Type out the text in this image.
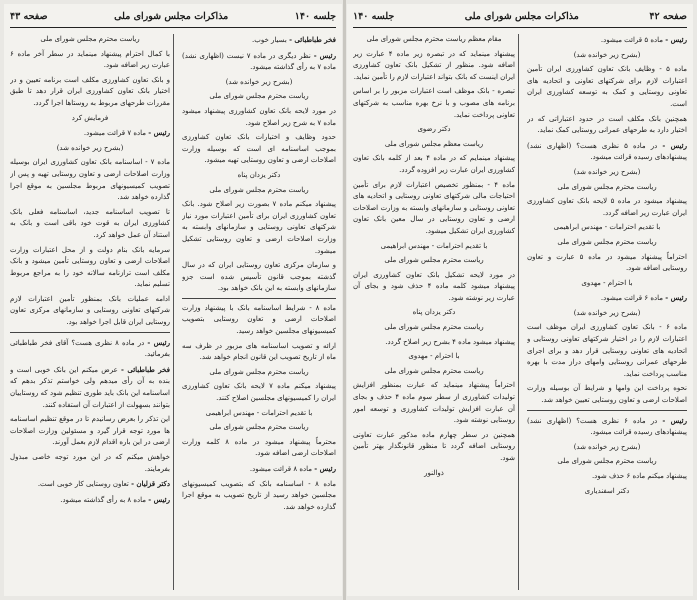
جلسه ۱۴۰
مذاکرات مجلس شورای ملی
صفحه ۴۳
فخر طباطبائی - بسیار خوب.
رئیس - نظر دیگری در ماده ۷ نیست (اظهاری نشد) ماده ۷ به رأی گذاشته میشود.
(بشرح زیر خوانده شد)
ریاست محترم مجلس شورای ملی
در مورد لایحه بانک تعاون کشاورزی پیشنهاد میشود ماده ۷ به شرح زیر اصلاح شود.
حدود وظایف و اختیارات بانک تعاون کشاورزی بموجب اساسنامه ای است که بوسیله وزارت اصلاحات ارضی و تعاون روستایی تهیه میشود.
دکتر یزدان پناه
ریاست محترم مجلس شورای ملی
پیشنهاد میکنم ماده ۷ بصورت زیر اصلاح شود. بانک تعاون کشاورزی ایران برای تأمین اعتبارات مورد نیاز شرکتهای تعاونی روستایی و سازمانهای وابسته به وزارت اصلاحات ارضی و تعاون روستایی تشکیل میشود.
و سازمان مرکزی تعاون روستایی ایران که در سال گذشته بموجب قانون تأسیس شده است جزو سازمانهای وابسته به این بانک خواهد بود.
ماده ۸ - شرایط اساسنامه بانک با پیشنهاد وزارت اصلاحات ارضی و تعاون روستایی بتصویب کمیسیونهای مجلسین خواهد رسید.
ارائه و تصویب اساسنامه های مزبور در ظرف سه ماه از تاریخ تصویب این قانون انجام خواهد شد.
ریاست محترم مجلس شورای ملی
پیشنهاد میکنم ماده ۷ لایحه بانک تعاون کشاورزی ایران را کمیسیونهای مجلسین اصلاح کنند.
با تقدیم احترامات - مهندس ابراهیمی
ریاست محترم مجلس شورای ملی
محترماً پیشنهاد میشود در ماده ۸ کلمه وزارت اصلاحات ارضی اضافه شود.
رئیس - ماده ۸ قرائت میشود.
ماده ۸ - اساسنامه بانک که بتصویب کمیسیونهای مجلسین خواهد رسید از تاریخ تصویب به موقع اجرا گذارده خواهد شد.
ریاست محترم مجلس شورای ملی
با کمال احترام پیشنهاد مینماید در سطر آخر ماده ۶ عبارت زیر اضافه شود.
و بانک تعاون کشاورزی مکلف است برنامه تعیین و در اختیار بانک تعاون کشاورزی ایران قرار دهد تا طبق مقررات طرحهای مربوط به روستاها اجرا گردد.
فرمایش کرد
رئیس - ماده ۷ قرائت میشود.
(بشرح زیر خوانده شد)
ماده ۷ - اساسنامه بانک تعاون کشاورزی ایران بوسیله وزارت اصلاحات ارضی و تعاون روستایی تهیه و پس از تصویب کمیسیونهای مربوط مجلسین به موقع اجرا گذارده خواهد شد.
تا تصویب اساسنامه جدید، اساسنامه فعلی بانک کشاورزی ایران به قوت خود باقی است و بانک به استناد آن عمل خواهد کرد.
سرمایه بانک بنام دولت و از محل اعتبارات وزارت اصلاحات ارضی و تعاون روستایی تأمین میشود و بانک مکلف است ترازنامه سالانه خود را به مراجع مربوط تسلیم نماید.
ادامه عملیات بانک بمنظور تأمین اعتبارات لازم شرکتهای تعاونی روستایی و سازمانهای مرکزی تعاون روستایی ایران قابل اجرا خواهد بود.
رئیس - در ماده ۸ نظری هست؟ آقای فخر طباطبائی بفرمائید.
فخر طباطبائی - عرض میکنم این بانک خوبی است و بنده به آن رأی میدهم ولی خواستم تذکر بدهم که اساسنامه این بانک باید طوری تنظیم شود که روستاییان بتوانند بسهولت از اعتبارات آن استفاده کنند.
این تذکر را بعرض رسانیدم تا در موقع تنظیم اساسنامه ها مورد توجه قرار گیرد و مسئولین وزارت اصلاحات ارضی در این باره اقدام لازم بعمل آورند.
خواهش میکنم که در این مورد توجه خاصی مبذول بفرمایند.
دکتر قزلیان - تعاون روستایی کار خوبی است.
رئیس - ماده ۸ به رأی گذاشته میشود.
صفحه ۴۲
مذاکرات مجلس شورای ملی
جلسه ۱۴۰
رئیس - ماده ۵ قرائت میشود.
(بشرح زیر خوانده شد)
ماده ۵ - وظایف بانک تعاون کشاورزی ایران تأمین اعتبارات لازم برای شرکتهای تعاونی و اتحادیه های تعاونی روستایی و کمک به توسعه کشاورزی ایران است.
همچنین بانک مکلف است در حدود اعتباراتی که در اختیار دارد به طرحهای عمرانی روستایی کمک نماید.
رئیس - در ماده ۵ نظری هست؟ (اظهاری نشد) پیشنهادهای رسیده قرائت میشود.
(بشرح زیر خوانده شد)
ریاست محترم مجلس شورای ملی
پیشنهاد میشود در ماده ۵ لایحه بانک تعاون کشاورزی ایران عبارت زیر اضافه گردد.
با تقدیم احترامات - مهندس ابراهیمی
ریاست محترم مجلس شورای ملی
احتراماً پیشنهاد میشود در ماده ۵ عبارت و تعاون روستایی اضافه شود.
با احترام - مهدوی
رئیس - ماده ۶ قرائت میشود.
(بشرح زیر خوانده شد)
ماده ۶ - بانک تعاون کشاورزی ایران موظف است اعتبارات لازم را در اختیار شرکتهای تعاونی روستایی و اتحادیه های تعاونی روستایی قرار دهد و برای اجرای طرحهای عمرانی روستایی وامهای دراز مدت با بهره مناسب پرداخت نماید.
نحوه پرداخت این وامها و شرایط آن بوسیله وزارت اصلاحات ارضی و تعاون روستایی تعیین خواهد شد.
رئیس - در ماده ۶ نظری هست؟ (اظهاری نشد) پیشنهادهای رسیده قرائت میشود.
(بشرح زیر خوانده شد)
ریاست محترم مجلس شورای ملی
پیشنهاد میکنم ماده ۶ حذف شود.
دکتر اسفندیاری
مقام معظم ریاست محترم مجلس شورای ملی
پیشنهاد مینماید که در تبصره زیر ماده ۴ عبارت زیر اضافه شود. منظور از تشکیل بانک تعاون کشاورزی ایران اینست که بانک بتواند اعتبارات لازم را تأمین نماید.
تبصره - بانک موظف است اعتبارات مزبور را بر اساس برنامه های مصوب و با نرخ بهره مناسب به شرکتهای تعاونی پرداخت نماید.
دکتر رضوی
ریاست معظم مجلس شورای ملی
پیشنهاد مینمایم که در ماده ۴ بعد از کلمه بانک تعاون کشاورزی ایران عبارت زیر افزوده گردد.
ماده ۴ - بمنظور تخصیص اعتبارات لازم برای تأمین احتیاجات مالی شرکتهای تعاونی روستایی و اتحادیه های تعاونی روستایی و سازمانهای وابسته به وزارت اصلاحات ارضی و تعاون روستایی در سال معین بانک تعاون کشاورزی ایران تشکیل میشود.
با تقدیم احترامات - مهندس ابراهیمی
ریاست محترم مجلس شورای ملی
در مورد لایحه تشکیل بانک تعاون کشاورزی ایران پیشنهاد میشود کلمه ماده ۴ حذف شود و بجای آن عبارت زیر نوشته شود.
دکتر یزدان پناه
ریاست محترم مجلس شورای ملی
پیشنهاد میشود ماده ۴ بشرح زیر اصلاح گردد.
با احترام - مهدوی
ریاست محترم مجلس شورای ملی
احتراماً پیشنهاد مینماید که عبارت بمنظور افزایش تولیدات کشاورزی از سطر سوم ماده ۴ حذف و بجای آن عبارت افزایش تولیدات کشاورزی و توسعه امور روستایی نوشته شود.
همچنین در سطر چهارم ماده مذکور عبارت تعاونی روستایی اضافه گردد تا منظور قانونگذار بهتر تأمین شود.
ذوالنور
